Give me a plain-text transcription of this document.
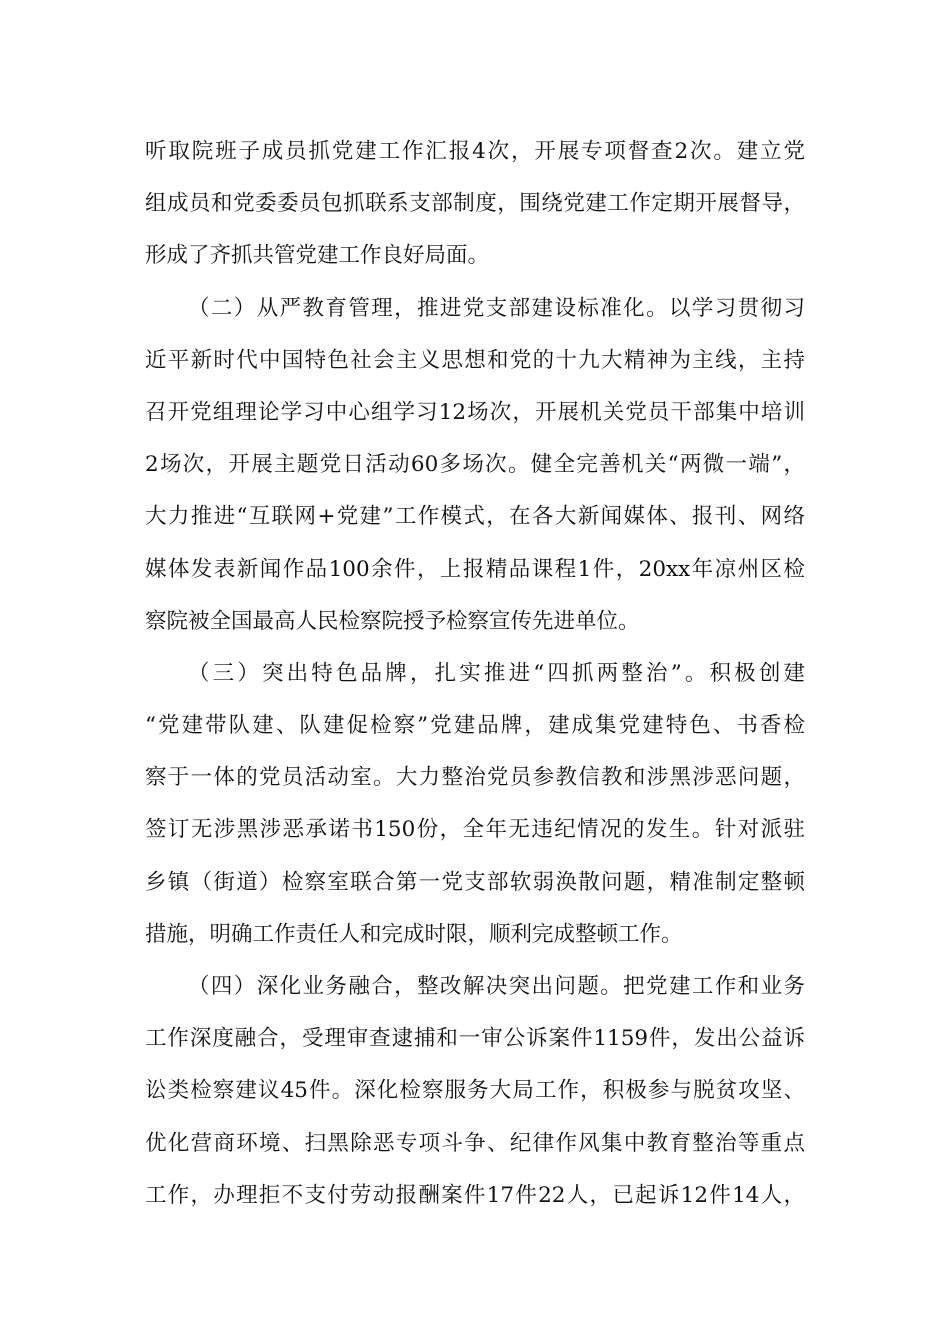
听取院班子成员抓党建工作汇报4次，开展专项督查2次。建立党
组成员和党委委员包抓联系支部制度，围绕党建工作定期开展督导，
形成了齐抓共管党建工作良好局面。
（二）从严教育管理，推进党支部建设标准化。以学习贯彻习
近平新时代中国特色社会主义思想和党的十九大精神为主线，主持
召开党组理论学习中心组学习12场次，开展机关党员干部集中培训
2场次，开展主题党日活动60多场次。健全完善机关“两微一端”，
大力推进“互联网+党建”工作模式，在各大新闻媒体、报刊、网络
媒体发表新闻作品100余件，上报精品课程1件，20xx年凉州区检
察院被全国最高人民检察院授予检察宣传先进单位。
（三）突出特色品牌，扎实推进“四抓两整治”。积极创建
“党建带队建、队建促检察”党建品牌，建成集党建特色、书香检
察于一体的党员活动室。大力整治党员参教信教和涉黑涉恶问题，
签订无涉黑涉恶承诺书150份，全年无违纪情况的发生。针对派驻
乡镇（街道）检察室联合第一党支部软弱涣散问题，精准制定整顿
措施，明确工作责任人和完成时限，顺利完成整顿工作。
（四）深化业务融合，整改解决突出问题。把党建工作和业务
工作深度融合，受理审查逮捕和一审公诉案件1159件，发出公益诉
讼类检察建议45件。深化检察服务大局工作，积极参与脱贫攻坚、
优化营商环境、扫黑除恶专项斗争、纪律作风集中教育整治等重点
工作，办理拒不支付劳动报酬案件17件22人，已起诉12件14人，
